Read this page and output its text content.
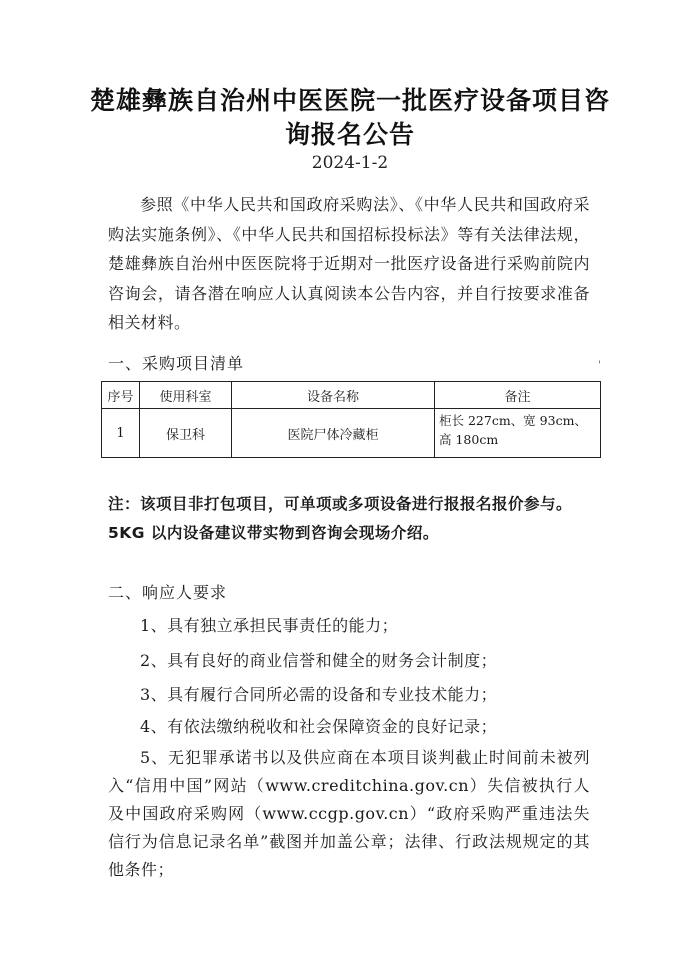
楚雄彝族自治州中医医院一批医疗设备项目咨询报名公告
2024-1-2
参照《中华人民共和国政府采购法》、《中华人民共和国政府采购法实施条例》、《中华人民共和国招标投标法》等有关法律法规，楚雄彝族自治州中医医院将于近期对一批医疗设备进行采购前院内咨询会，请各潜在响应人认真阅读本公告内容，并自行按要求准备相关材料。
一、采购项目清单	'
序号	使用科室	设备名称	备注
1	保卫科	医院尸体冷藏柜	柜长 227cm、宽 93cm、高 180cm
注：该项目非打包项目，可单项或多项设备进行报报名报价参与。5KG 以内设备建议带实物到咨询会现场介绍。
二、响应人要求
1、具有独立承担民事责任的能力；
2、具有良好的商业信誉和健全的财务会计制度；
3、具有履行合同所必需的设备和专业技术能力；
4、有依法缴纳税收和社会保障资金的良好记录；
5、无犯罪承诺书以及供应商在本项目谈判截止时间前未被列入“信用中国”网站（www.creditchina.gov.cn）失信被执行人及中国政府采购网（www.ccgp.gov.cn）“政府采购严重违法失信行为信息记录名单”截图并加盖公章；法律、行政法规规定的其他条件；
